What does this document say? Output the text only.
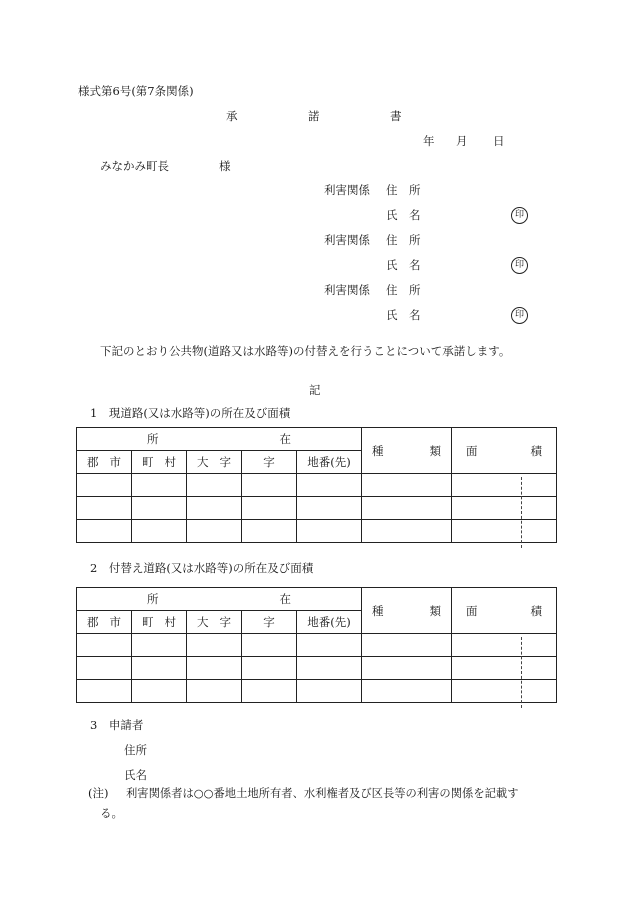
様式第6号(第7条関係)
承	諾	書
年 月 日
みなかみ町長	様
利害関係 住　所
氏　名	印
利害関係 住　所
氏　名	印
利害関係 住　所
氏　名	印
下記のとおり公共物(道路又は水路等)の付替えを行うことについて承諾します。
記
1　現道路(又は水路等)の所在及び面積
所 在					種 類	面 積

郡 市	町 村	大 字	字	地番(先)		

2　付替え道路(又は水路等)の所在及び面積
所 在					種 類	面 積

郡 市	町 村	大 字	字	地番(先)		

3　申請者
住所
氏名
(注) 利害関係者は○○番地土地所有者、水利権者及び区長等の利害の関係を記載す
る。
